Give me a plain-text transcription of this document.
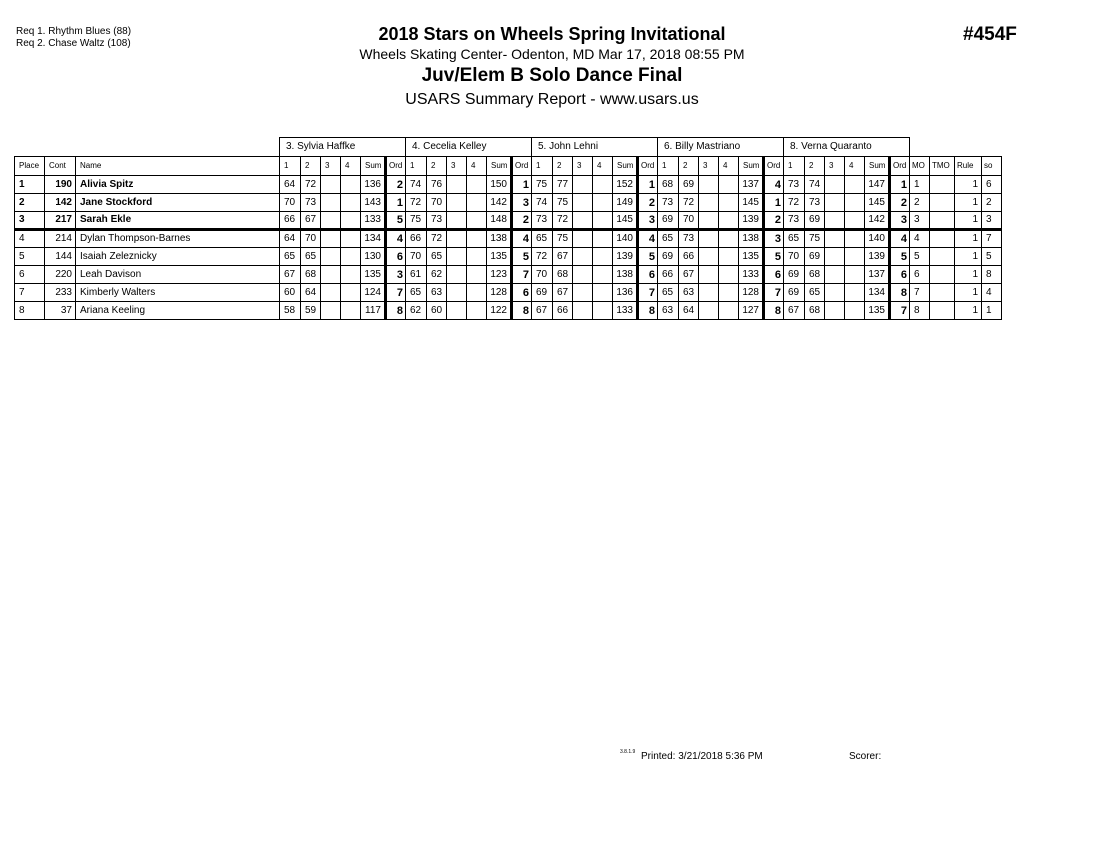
Req 1. Rhythm Blues (88)
Req 2. Chase Waltz (108)	#454F
2018 Stars on Wheels Spring Invitational
Wheels Skating Center- Odenton, MD Mar 17, 2018 08:55 PM
Juv/Elem B Solo Dance Final
USARS Summary Report - www.usars.us
			3. Sylvia Haffke						4. Cecelia Kelley						5. John Lehni						6. Billy Mastriano						8. Verna Quaranto									
Place	Cont	Name	1	2	3	4	Sum	Ord	1	2	3	4	Sum	Ord	1	2	3	4	Sum	Ord	1	2	3	4	Sum	Ord	1	2	3	4	Sum	Ord	MO	TMO	Rule	so
1	190	Alivia Spitz	64	72			136	2	74	76			150	1	75	77			152	1	68	69			137	4	73	74			147	1	1		1	6
2	142	Jane Stockford	70	73			143	1	72	70			142	3	74	75			149	2	73	72			145	1	72	73			145	2	2		1	2
3	217	Sarah Ekle	66	67			133	5	75	73			148	2	73	72			145	3	69	70			139	2	73	69			142	3	3		1	3
4	214	Dylan Thompson-Barnes	64	70			134	4	66	72			138	4	65	75			140	4	65	73			138	3	65	75			140	4	4		1	7
5	144	Isaiah Zeleznicky	65	65			130	6	70	65			135	5	72	67			139	5	69	66			135	5	70	69			139	5	5		1	5
6	220	Leah Davison	67	68			135	3	61	62			123	7	70	68			138	6	66	67			133	6	69	68			137	6	6		1	8
7	233	Kimberly Walters	60	64			124	7	65	63			128	6	69	67			136	7	65	63			128	7	69	65			134	8	7		1	4
8	37	Ariana Keeling	58	59			117	8	62	60			122	8	67	66			133	8	63	64			127	8	67	68			135	7	8		1	1
3.8.1.9 Printed: 3/21/2018 5:36 PM	Scorer:
